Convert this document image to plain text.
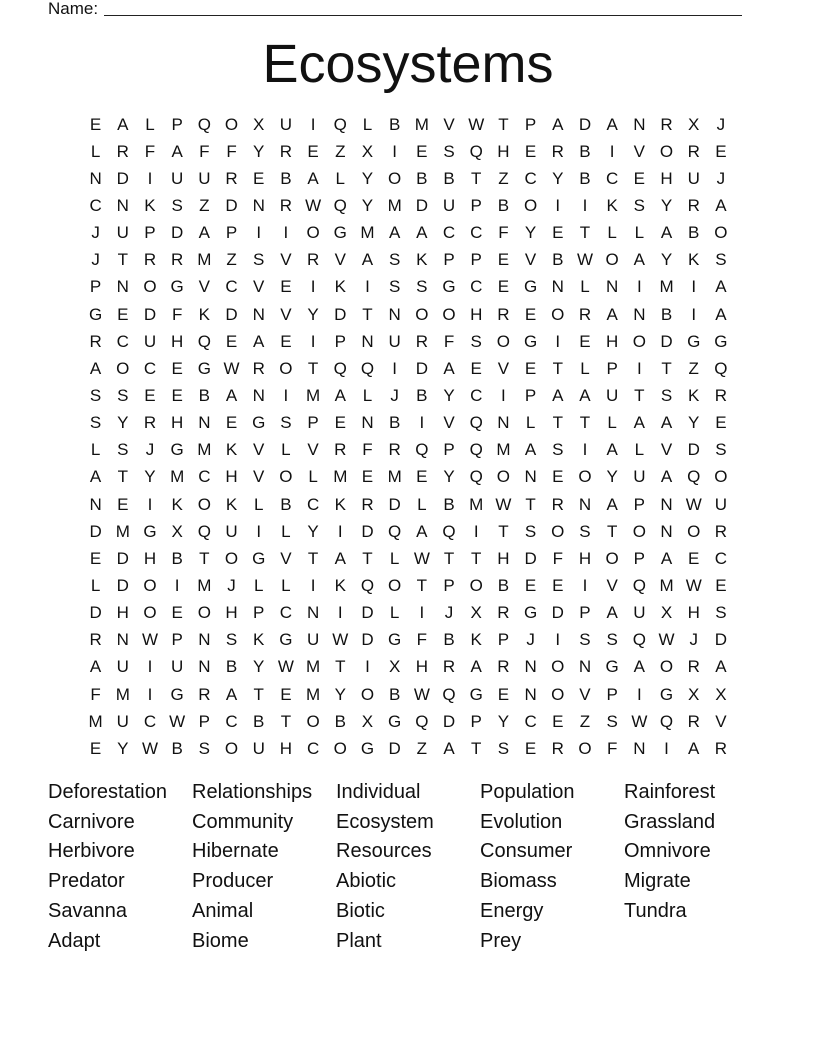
Name:
Ecosystems
E A L P Q O X U	I	Q L B M V W T P A D A N R X	J
L R F A F F Y R E Z X	I	E S Q H E R B	I	V O R E
N D	I	U U R E B A L Y O B B T Z C Y B C E H U J
C N K S Z D N R W Q Y M D U P B O	I	I	K S Y R A
J U P D A P	I	I	O G M A A C C F Y E T	L	L A B O
J	T R R M Z S V R V A S K P P E V B W O A Y K S
P N O G V C V E	I	K	I	S S G C E G N L N	I	M	I	A
G E D F K D N V Y D T N O O H R E O R A N B	I	A
R C U H Q E A E	I	P N U R F S O G	I	E H O D G G
A O C E G W R O T Q Q	I	D A E V E T	L P	I	T Z Q
S S E E B A N	I	M A L	J	B Y C	I	P A A U T S K R
S Y R H N E G S P E N B	I	V Q N L	T T	L A A Y E
L S	J G M K V L V R F R Q P Q M A S	I	A L V D S
A T Y M C H V O L M E M E Y Q O N E O Y U A Q O
N E	I	K O K L B C K R D L B M W T R N A P N W U
D M G X Q U	I	L Y	I	D Q A Q	I	T S O S T O N O R
E D H B T O G V T A T	L W T T H D F H O P A E C
L D O	I	M J	L	L	I	K Q O T P O B E E	I	V Q M W E
D H O E O H P C N	I	D L	I	J	X R G D P A U X H S
R N W P N S K G U W D G F B K P	J	I	S S Q W J D
A U	I	U N B Y W M T	I	X H R A R N O N G A O R A
F M	I	G R A T E M Y O B W Q G E N O V P	I	G X X
M U C W P C B T O B X G Q D P Y C E Z S W Q R V
E Y W B S O U H C O G D Z A T S E R O F N	I	A R
Deforestation	Relationships	Individual	Population	Rainforest
Carnivore	Community	Ecosystem	Evolution	Grassland
Herbivore	Hibernate	Resources	Consumer	Omnivore
Predator	Producer	Abiotic	Biomass	Migrate
Savanna	Animal	Biotic	Energy	Tundra
Adapt	Biome	Plant	Prey
